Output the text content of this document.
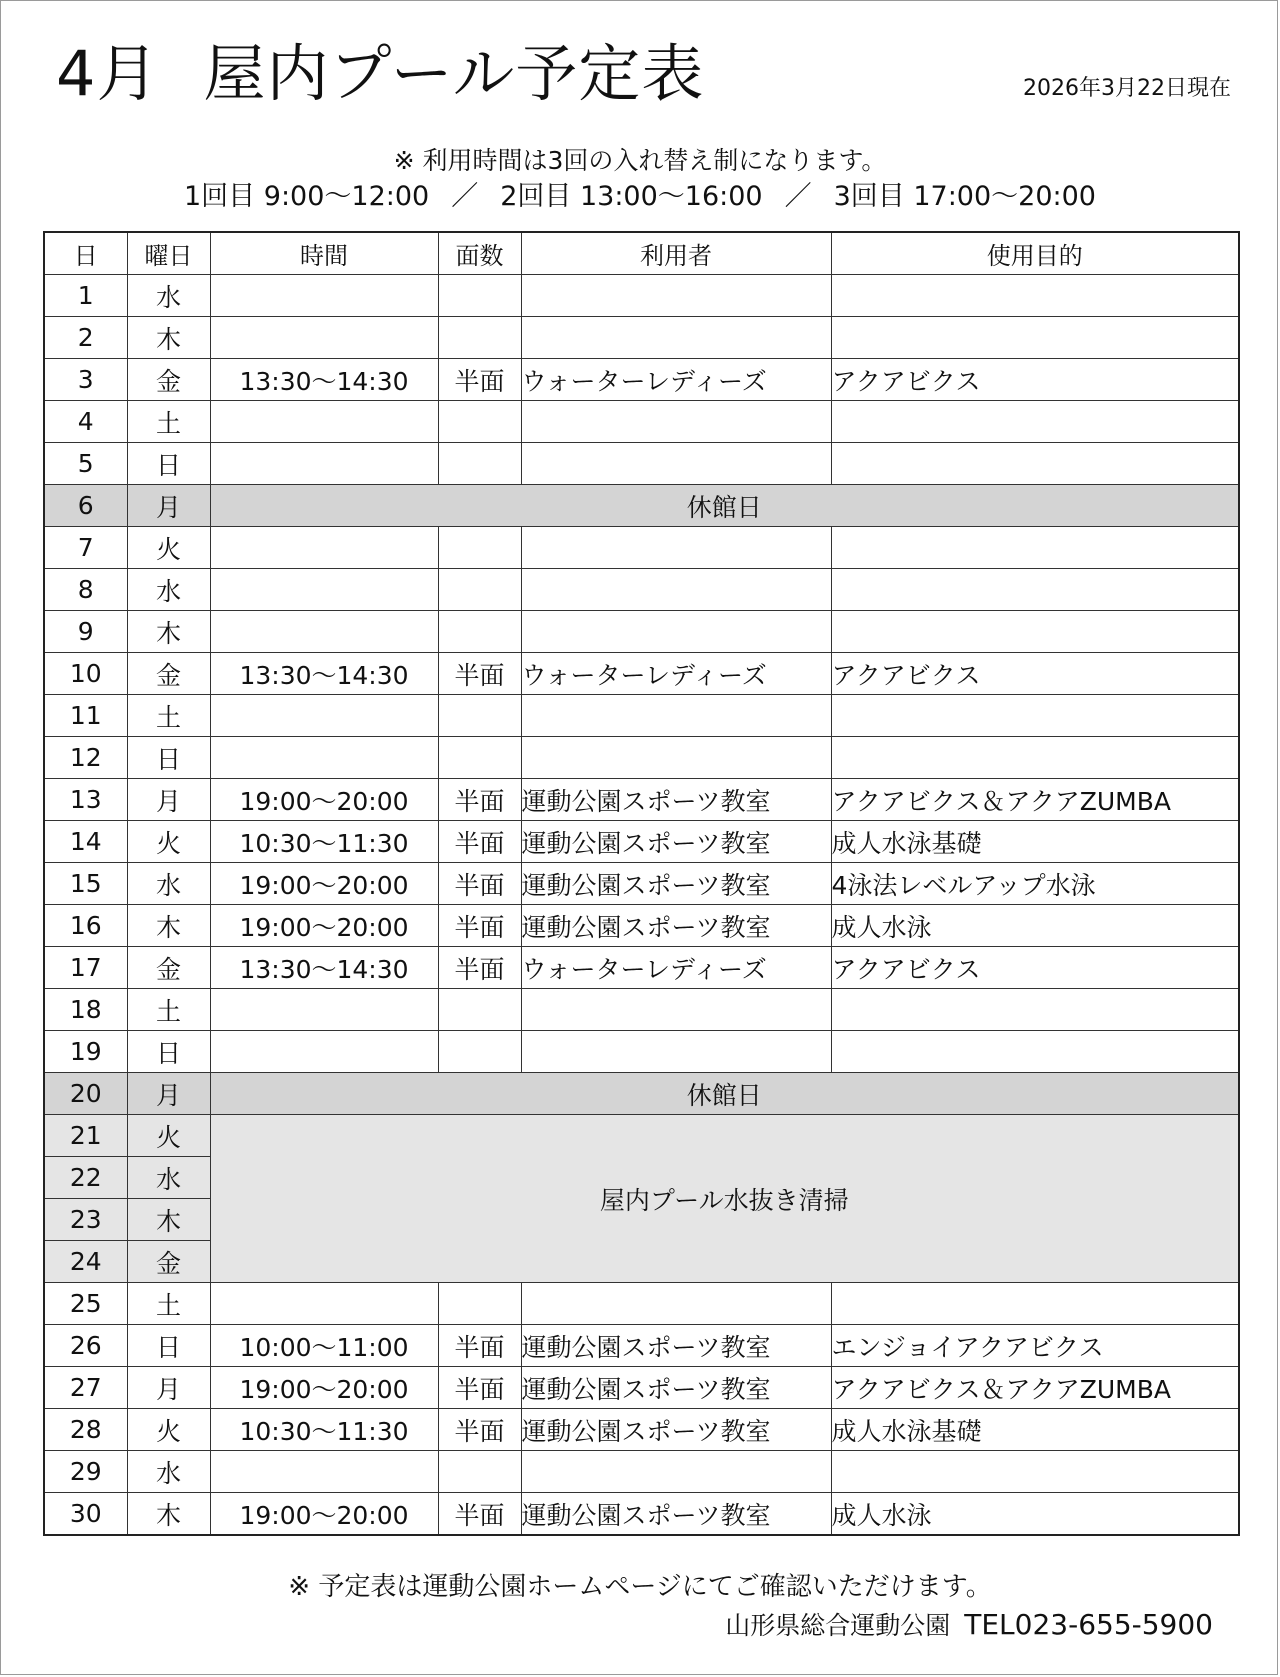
4月 屋内プール予定表	2026年3月22日現在
※ 利用時間は3回の入れ替え制になります。
1回目 9:00～12:00 ／ 2回目 13:00～16:00 ／ 3回目 17:00～20:00
日	曜日	時間	面数	利用者	使用目的
1	水				
2	木				
3	金	13:30～14:30	半面	ウォーターレディーズ	アクアビクス
4	土				
5	日				
6	月	休館日			
7	火				
8	水				
9	木				
10	金	13:30～14:30	半面	ウォーターレディーズ	アクアビクス
11	土				
12	日				
13	月	19:00～20:00	半面	運動公園スポーツ教室	アクアビクス＆アクアZUMBA
14	火	10:30～11:30	半面	運動公園スポーツ教室	成人水泳基礎
15	水	19:00～20:00	半面	運動公園スポーツ教室	4泳法レベルアップ水泳
16	木	19:00～20:00	半面	運動公園スポーツ教室	成人水泳
17	金	13:30～14:30	半面	ウォーターレディーズ	アクアビクス
18	土				
19	日				
20	月	休館日			
21	火	屋内プール水抜き清掃			
22	水				
23	木				
24	金				
25	土				
26	日	10:00～11:00	半面	運動公園スポーツ教室	エンジョイアクアビクス
27	月	19:00～20:00	半面	運動公園スポーツ教室	アクアビクス＆アクアZUMBA
28	火	10:30～11:30	半面	運動公園スポーツ教室	成人水泳基礎
29	水				
30	木	19:00～20:00	半面	運動公園スポーツ教室	成人水泳
※ 予定表は運動公園ホームページにてご確認いただけます。
山形県総合運動公園 TEL023-655-5900
